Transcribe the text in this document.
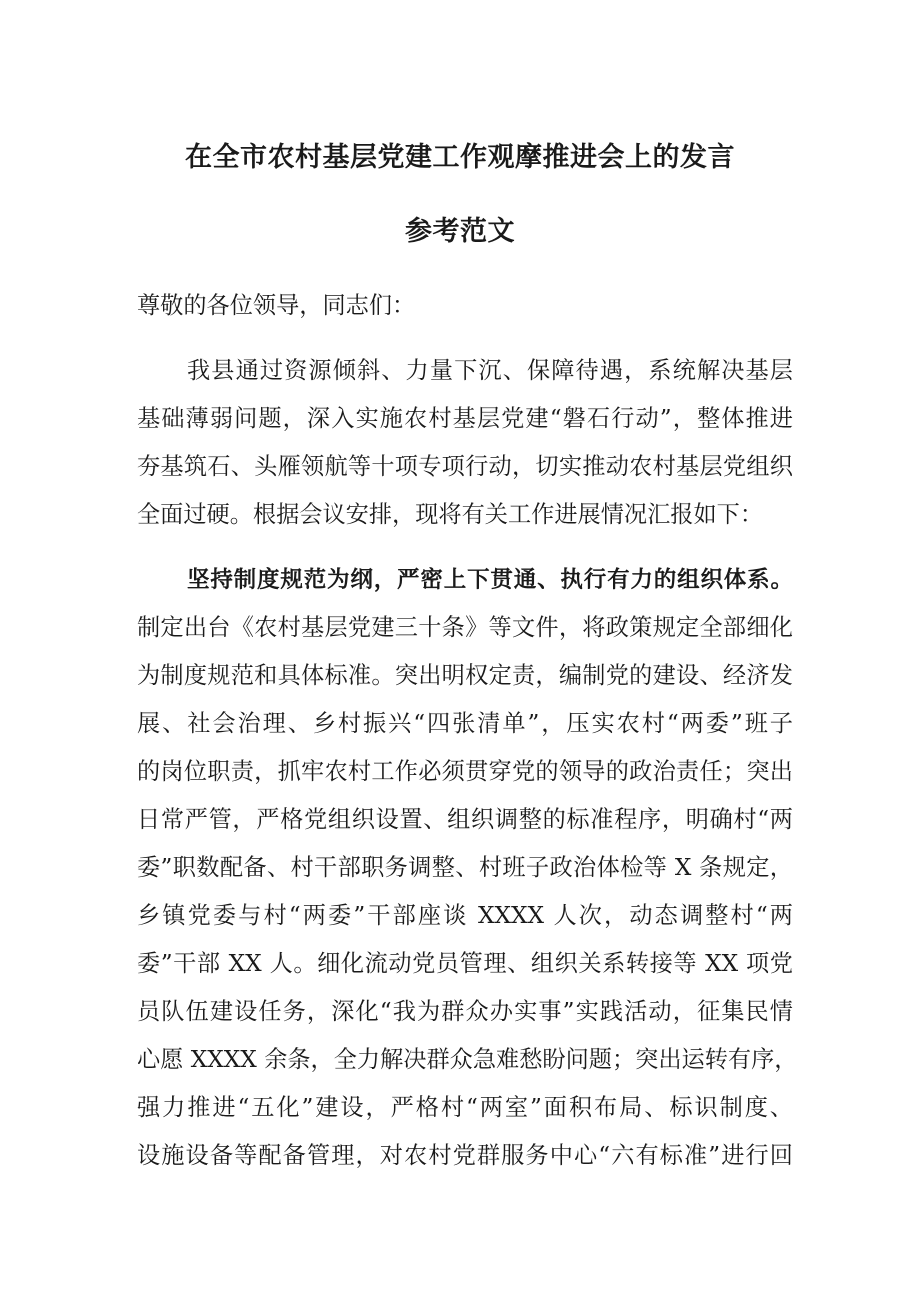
在全市农村基层党建工作观摩推进会上的发言
参考范文
尊敬的各位领导，同志们：
我县通过资源倾斜、力量下沉、保障待遇，系统解决基层
基础薄弱问题，深入实施农村基层党建“磐石行动”，整体推进
夯基筑石、头雁领航等十项专项行动，切实推动农村基层党组织
全面过硬。根据会议安排，现将有关工作进展情况汇报如下：
坚持制度规范为纲，严密上下贯通、执行有力的组织体系。
制定出台《农村基层党建三十条》等文件，将政策规定全部细化
为制度规范和具体标准。突出明权定责，编制党的建设、经济发
展、社会治理、乡村振兴“四张清单”，压实农村“两委”班子
的岗位职责，抓牢农村工作必须贯穿党的领导的政治责任；突出
日常严管，严格党组织设置、组织调整的标准程序，明确村“两
委”职数配备、村干部职务调整、村班子政治体检等 X 条规定，
乡镇党委与村“两委”干部座谈 XXXX 人次，动态调整村“两
委”干部 XX 人。细化流动党员管理、组织关系转接等 XX 项党
员队伍建设任务，深化“我为群众办实事”实践活动，征集民情
心愿 XXXX 余条，全力解决群众急难愁盼问题；突出运转有序，
强力推进“五化”建设，严格村“两室”面积布局、标识制度、
设施设备等配备管理，对农村党群服务中心“六有标准”进行回
